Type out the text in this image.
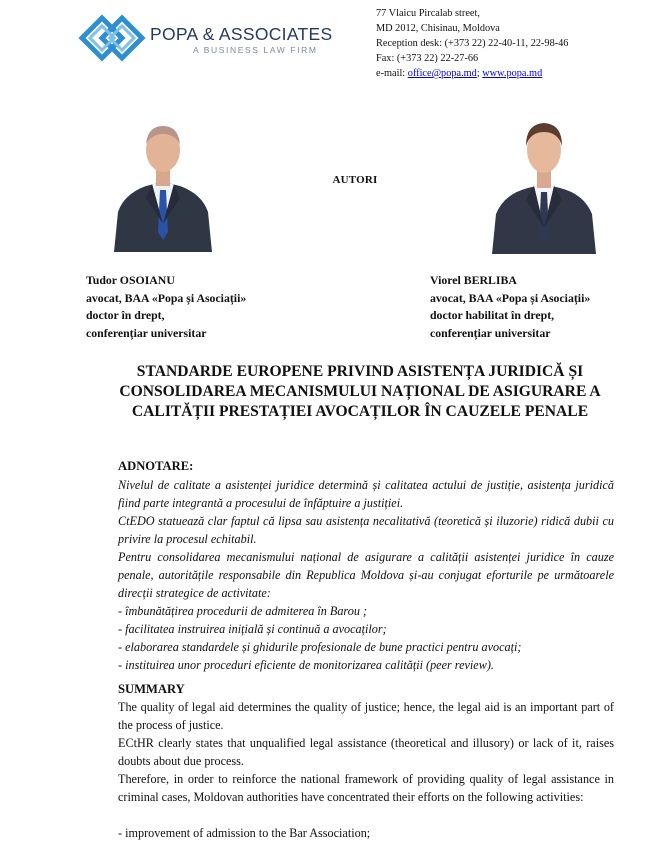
POPA & ASSOCIATES
A BUSINESS LAW FIRM
77 Vlaicu Pircalab street,
MD 2012, Chisinau, Moldova
Reception desk: (+373 22) 22-40-11, 22-98-46
Fax: (+373 22) 22-27-66
e-mail: office@popa.md; www.popa.md
AUTORI
Tudor OSOIANU
avocat, BAA «Popa și Asociații»
doctor în drept,
conferențiar universitar
Viorel BERLIBA
avocat, BAA «Popa și Asociații»
doctor habilitat în drept,
conferențiar universitar
STANDARDE EUROPENE PRIVIND ASISTENȚA JURIDICĂ ȘI
CONSOLIDAREA MECANISMULUI NAȚIONAL DE ASIGURARE A
CALITĂȚII PRESTAȚIEI AVOCAȚILOR ÎN CAUZELE PENALE
ADNOTARE:
Nivelul de calitate a asistenței juridice determină și calitatea actului de justiție, asistența juridică fiind parte integrantă a procesului de înfăptuire a justiției.
CtEDO statuează clar faptul că lipsa sau asistența necalitativă (teoretică și iluzorie) ridică dubii cu privire la procesul echitabil.
Pentru consolidarea mecanismului național de asigurare a calității asistenței juridice în cauze penale, autoritățile responsabile din Republica Moldova și-au conjugat eforturile pe următoarele direcții strategice de activitate:
- îmbunătățirea procedurii de admiterea în Barou ;
- facilitatea instruirea inițială și continuă a avocaților;
- elaborarea standardele și ghidurile profesionale de bune practici pentru avocați;
- instituirea unor proceduri eficiente de monitorizarea calității (peer review).
SUMMARY
The quality of legal aid determines the quality of justice; hence, the legal aid is an important part of the process of justice.
ECtHR clearly states that unqualified legal assistance (theoretical and illusory) or lack of it, raises doubts about due process.
Therefore, in order to reinforce the national framework of providing quality of legal assistance in criminal cases, Moldovan authorities have concentrated their efforts on the following activities:
- improvement of admission to the Bar Association;
